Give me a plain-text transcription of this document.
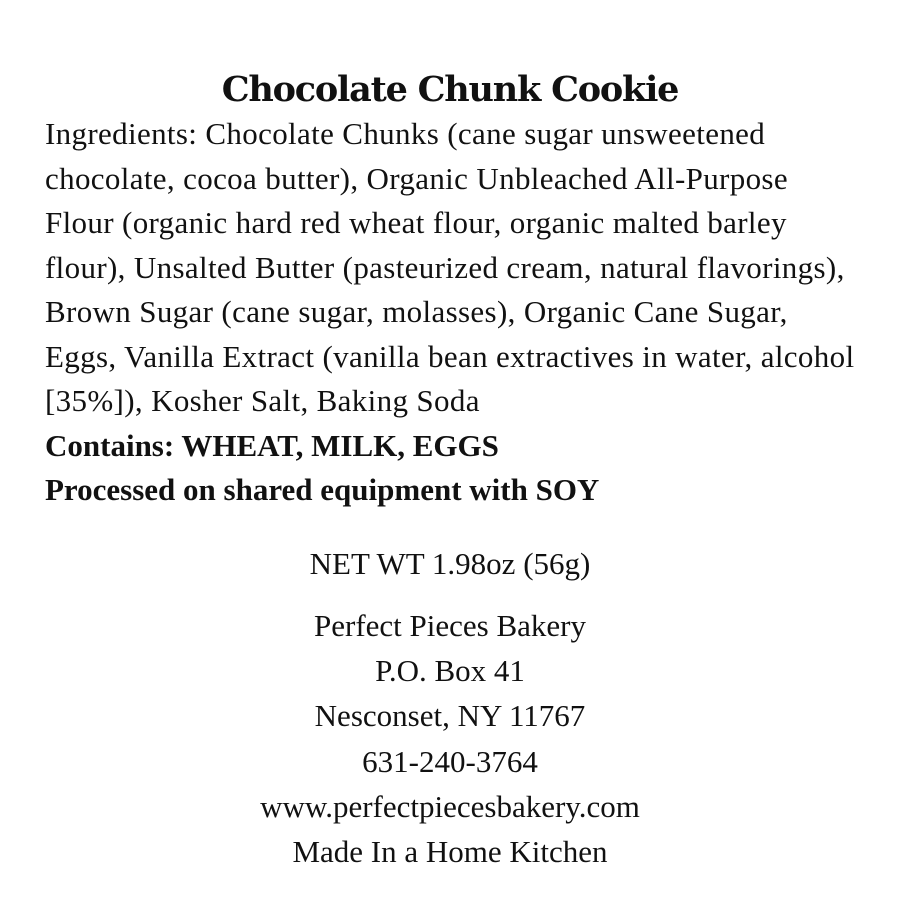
Chocolate Chunk Cookie

Ingredients: Chocolate Chunks (cane sugar unsweetened chocolate, cocoa butter), Organic Unbleached All-Purpose Flour (organic hard red wheat flour, organic malted barley flour), Unsalted Butter (pasteurized cream, natural flavorings), Brown Sugar (cane sugar, molasses), Organic Cane Sugar, Eggs, Vanilla Extract (vanilla bean extractives in water, alcohol [35%]), Kosher Salt, Baking Soda

Contains: WHEAT, MILK, EGGS

Processed on shared equipment with SOY

NET WT 1.98oz (56g)
Perfect Pieces Bakery
P.O. Box 41
Nesconset, NY 11767
631-240-3764
www.perfectpiecesbakery.com
Made In a Home Kitchen
